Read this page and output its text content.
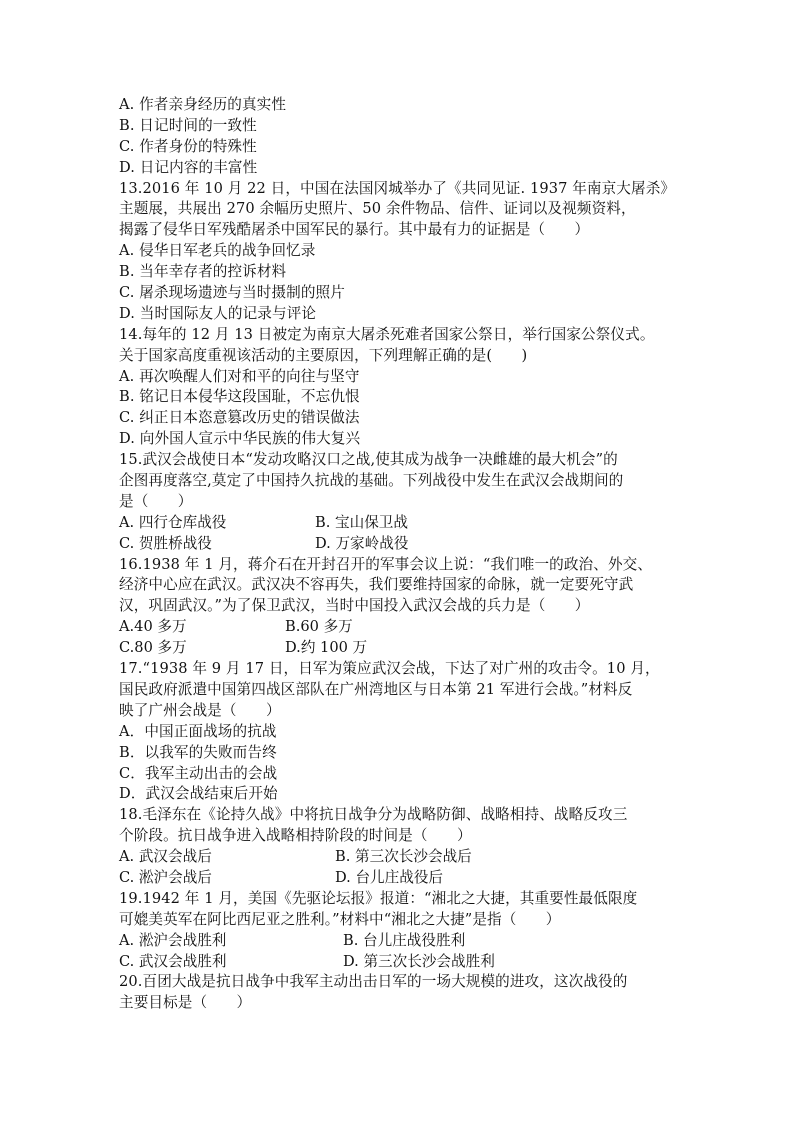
A. 作者亲身经历的真实性
B. 日记时间的一致性
C. 作者身份的特殊性
D. 日记内容的丰富性
13.2016 年 10 月 22 日，中国在法国冈城举办了《共同见证. 1937 年南京大屠杀》
主题展，共展出 270 余幅历史照片、50 余件物品、信件、证词以及视频资料，
揭露了侵华日军残酷屠杀中国军民的暴行。其中最有力的证据是（　　）
A. 侵华日军老兵的战争回忆录
B. 当年幸存者的控诉材料
C. 屠杀现场遗迹与当时摄制的照片
D. 当时国际友人的记录与评论
14.每年的 12 月 13 日被定为南京大屠杀死难者国家公祭日，举行国家公祭仪式。
关于国家高度重视该活动的主要原因，下列理解正确的是(　　)
A. 再次唤醒人们对和平的向往与坚守
B. 铭记日本侵华这段国耻，不忘仇恨
C. 纠正日本恣意篡改历史的错误做法
D. 向外国人宣示中华民族的伟大复兴
15.武汉会战使日本“发动攻略汉口之战,使其成为战争一决雌雄的最大机会”的
企图再度落空,莫定了中国持久抗战的基础。下列战役中发生在武汉会战期间的
是（　　）
A. 四行仓库战役	B. 宝山保卫战
C. 贺胜桥战役	D. 万家岭战役
16.1938 年 1 月，蒋介石在开封召开的军事会议上说：“我们唯一的政治、外交、
经济中心应在武汉。武汉决不容再失，我们要维持国家的命脉，就一定要死守武
汉，巩固武汉。”为了保卫武汉，当时中国投入武汉会战的兵力是（　　）
A.40 多万	B.60 多万
C.80 多万	D.约 100 万
17.“1938 年 9 月 17 日，日军为策应武汉会战，下达了对广州的攻击令。10 月，
国民政府派遣中国第四战区部队在广州湾地区与日本第 21 军进行会战。”材料反
映了广州会战是（　　）
A．中国正面战场的抗战
B．以我军的失败而告终
C．我军主动出击的会战
D．武汉会战结束后开始
18.毛泽东在《论持久战》中将抗日战争分为战略防御、战略相持、战略反攻三
个阶段。抗日战争进入战略相持阶段的时间是（　　）
A. 武汉会战后	B. 第三次长沙会战后
C. 淞沪会战后	D. 台儿庄战役后
19.1942 年 1 月，美国《先驱论坛报》报道：“湘北之大捷，其重要性最低限度
可媲美英军在阿比西尼亚之胜利。”材料中“湘北之大捷”是指（　　）
A. 淞沪会战胜利	B. 台儿庄战役胜利
C. 武汉会战胜利	D. 第三次长沙会战胜利
20.百团大战是抗日战争中我军主动出击日军的一场大规模的进攻，这次战役的
主要目标是（　　）
